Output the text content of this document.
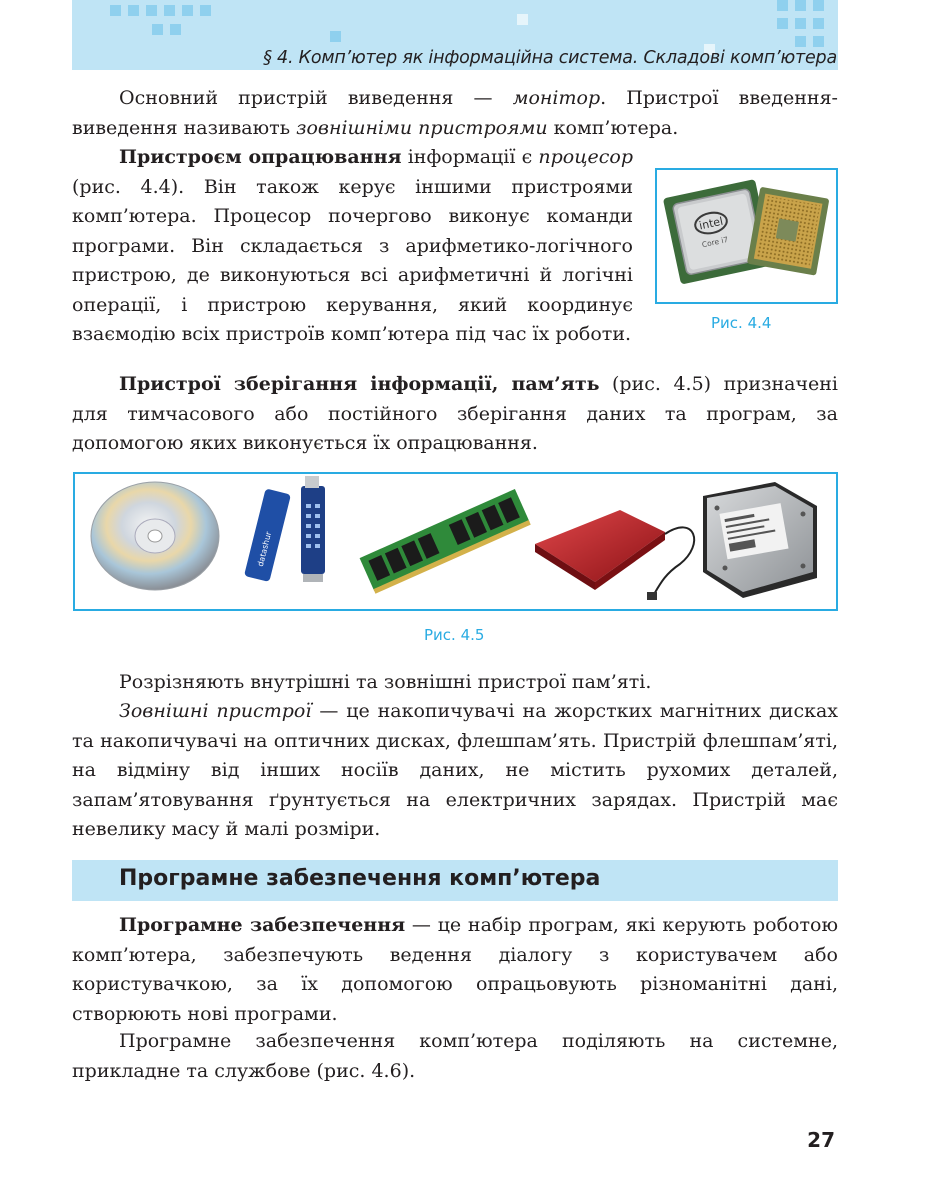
§ 4. Комп’ютер як інформаційна система. Складові комп’ютера

Основний пристрій виведення — монітор. Пристрої введення-виведення називають зовнішніми пристроями комп’ютера.

Пристроєм опрацювання інформації є процесор (рис. 4.4). Він також керує іншими пристроями комп’ютера. Процесор почергово виконує команди програми. Він складається з арифметико-логічного пристрою, де виконуються всі арифметичні й логічні операції, і пристрою керування, який координує взаємодію всіх пристроїв комп’ютера під час їх роботи.

intel
Core i7
Рис. 4.4

Пристрої зберігання інформації, пам’ять (рис. 4.5) призначені для тимчасового або постійного зберігання даних та програм, за допомогою яких виконується їх опрацювання.

datashur
Рис. 4.5

Розрізняють внутрішні та зовнішні пристрої пам’яті.

Зовнішні пристрої — це накопичувачі на жорстких магнітних дисках та накопичувачі на оптичних дисках, флешпам’ять. Пристрій флешпам’яті, на відміну від інших носіїв даних, не містить рухомих деталей, запам’ятовування ґрунтується на електричних зарядах. Пристрій має невелику масу й малі розміри.

Програмне забезпечення комп’ютера

Програмне забезпечення — це набір програм, які керують роботою комп’ютера, забезпечують ведення діалогу з користувачем або користувачкою, за їх допомогою опрацьовують різноманітні дані, створюють нові програми.

Програмне забезпечення комп’ютера поділяють на системне, прикладне та службове (рис. 4.6).

27
